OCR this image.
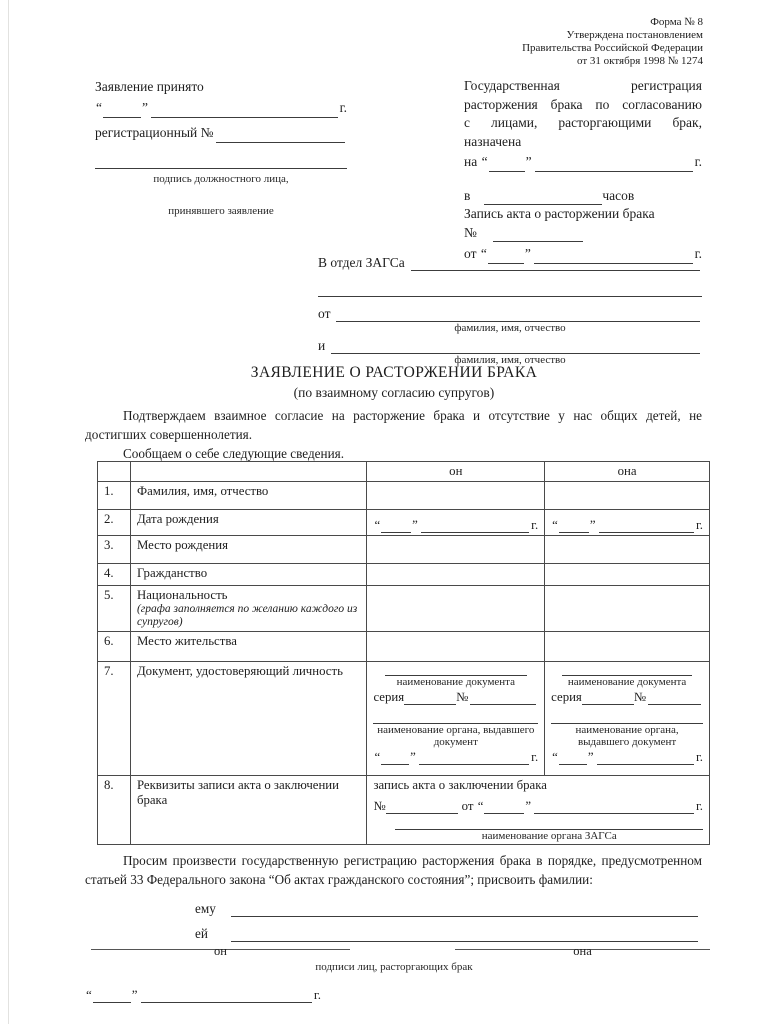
Форма № 8
Утверждена постановлением
Правительства Российской Федерации
от 31 октября 1998 № 1274
Заявление принято
“	”	г.
регистрационный №
подпись должностного лица,
принявшего заявление
Государственная регистрация
расторжения брака по согласованию
с лицами, расторгающими брак,
назначена
на
“	”	г.
в	часов
Запись акта о расторжении брака
№
от
“	”	г.
В отдел ЗАГСа
от
фамилия, имя, отчество
и
фамилия, имя, отчество
ЗАЯВЛЕНИЕ О РАСТОРЖЕНИИ БРАКА
(по взаимному согласию супругов)
Подтверждаем взаимное согласие на расторжение брака и отсутствие у нас общих детей, не достигших совершеннолетия.
Сообщаем о себе следующие сведения.
		он	она
1.	Фамилия, имя, отчество		
2.	Дата рождения	“ ” г.	“ ” г.

3.	Место рождения		
4.	Гражданство		
5.	Национальность
(графа заполняется по желанию каждого из супругов)		

6.	Место жительства		
7.	Документ, удостоверяющий личность	
наименование документа
серия	№
наименование органа, выдавшего документ
“ ”	г.

наименование документа
серия	№
наименование органа, выдавшего документ
“ ”	г.

8.	Реквизиты записи акта о заключении брака	
запись акта о заключении брака
№	от
“	”	г.
наименование органа ЗАГСа
Просим произвести государственную регистрацию расторжения брака в порядке, предусмотренном статьей 33 Федерального закона “Об актах гражданского состояния”; присвоить фамилии:
ему
ей
он	она
подписи лиц, расторгающих брак
“	”	г.
